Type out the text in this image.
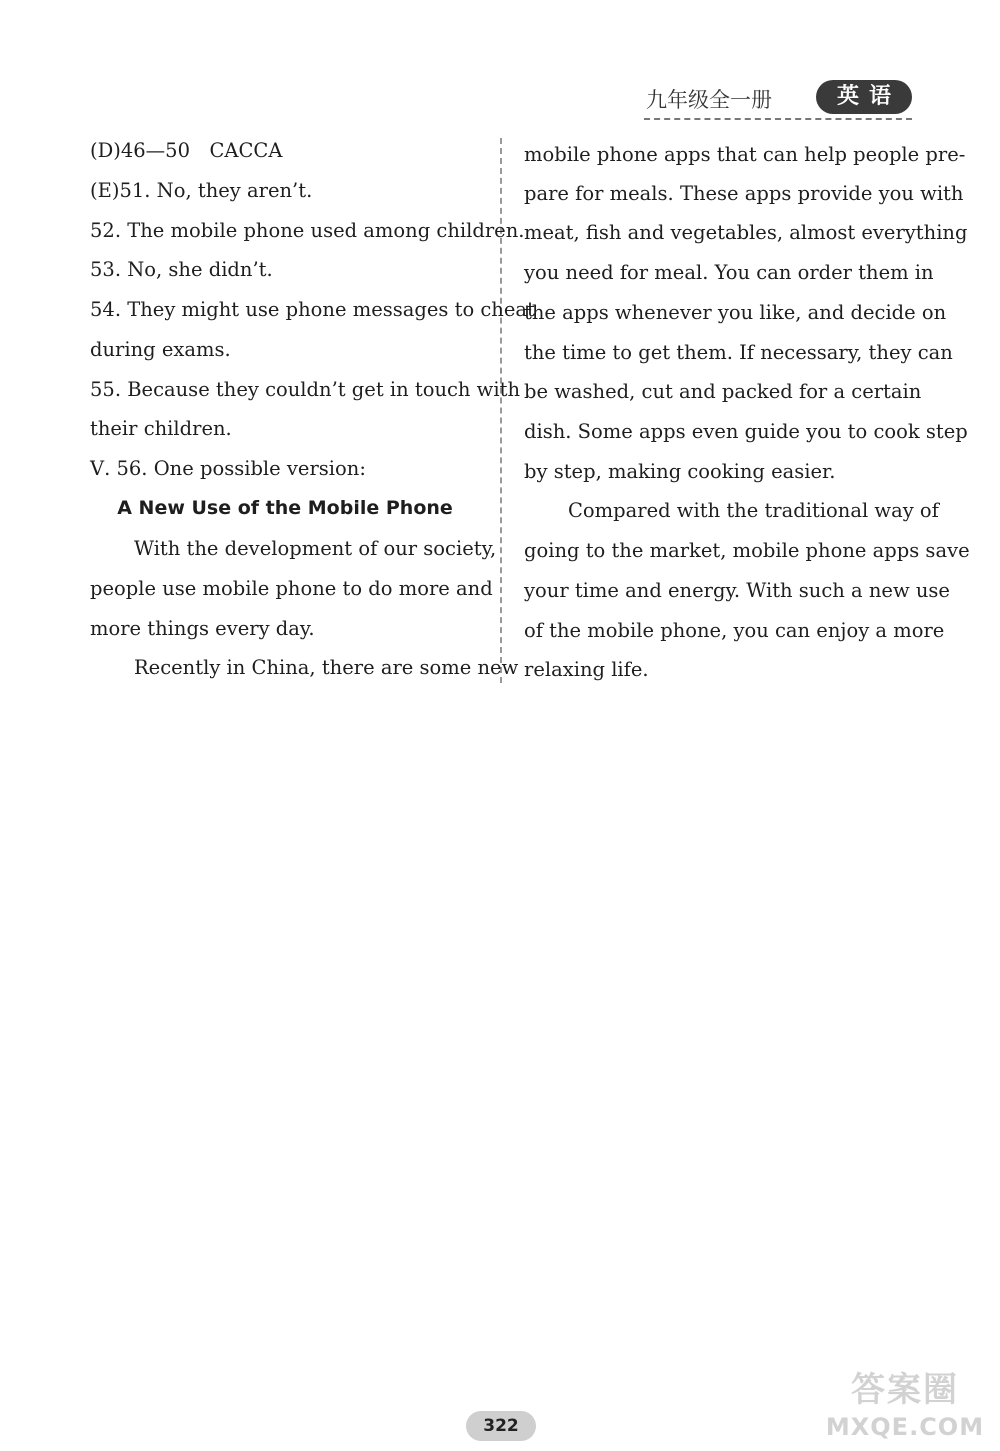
九年级全一册	英语
(D)46—50　CACCA
(E)51. No, they aren’t.
52. The mobile phone used among children.
53. No, she didn’t.
54. They might use phone messages to cheat
during exams.
55. Because they couldn’t get in touch with
their children.
Ⅴ. 56. One possible version:
A New Use of the Mobile Phone
With the development of our society,
people use mobile phone to do more and
more things every day.
Recently in China, there are some new
mobile phone apps that can help people pre-
pare for meals. These apps provide you with
meat, fish and vegetables, almost everything
you need for meal. You can order them in
the apps whenever you like, and decide on
the time to get them. If necessary, they can
be washed, cut and packed for a certain
dish. Some apps even guide you to cook step
by step, making cooking easier.
Compared with the traditional way of
going to the market, mobile phone apps save
your time and energy. With such a new use
of the mobile phone, you can enjoy a more
relaxing life.
322
答案圈
MXQE.COM
